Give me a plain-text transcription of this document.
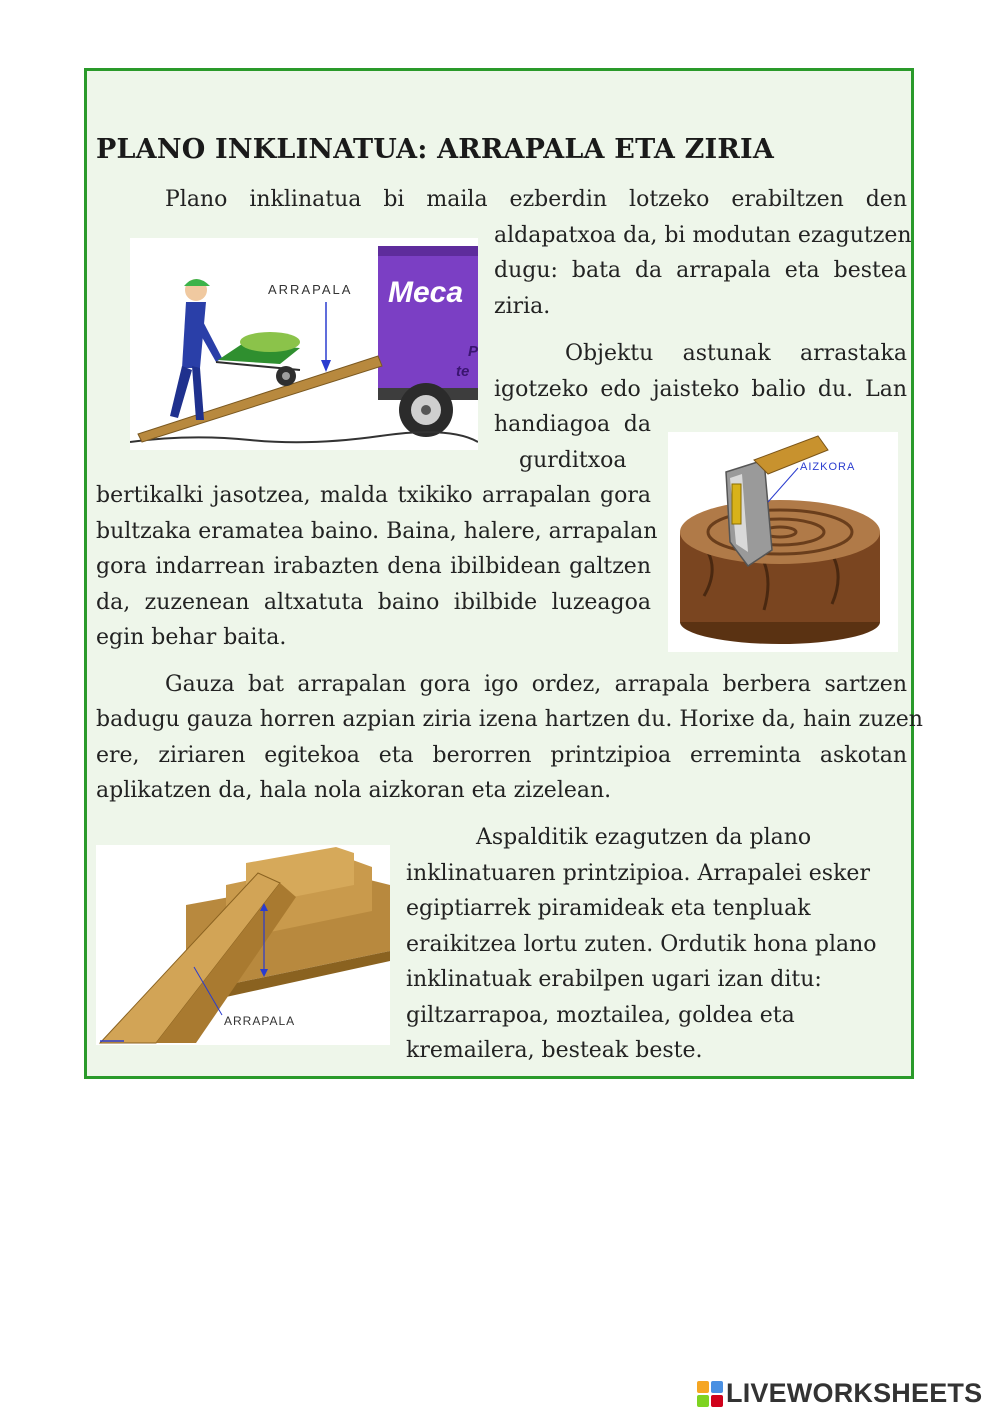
PLANO INKLINATUA: ARRAPALA ETA ZIRIA
Plano inklinatua bi maila ezberdin lotzeko erabiltzen den
aldapatxoa da, bi modutan ezagutzen
dugu: bata da arrapala eta bestea
ziria.
Objektu astunak arrastaka
igotzeko edo jaisteko balio du. Lan
handiagoa da
gurditxoa
bertikalki jasotzea, malda txikiko arrapalan gora
bultzaka eramatea baino. Baina, halere, arrapalan
gora indarrean irabazten dena ibilbidean galtzen
da, zuzenean altxatuta baino ibilbide luzeagoa
egin behar baita.
Gauza bat arrapalan gora igo ordez, arrapala berbera sartzen
badugu gauza horren azpian ziria izena hartzen du. Horixe da, hain zuzen
ere, ziriaren egitekoa eta berorren printzipioa erreminta askotan
aplikatzen da, hala nola aizkoran eta zizelean.
Aspalditik ezagutzen da plano
inklinatuaren printzipioa. Arrapalei esker
egiptiarrek piramideak eta tenpluak
eraikitzea lortu zuten. Ordutik hona plano
inklinatuak erabilpen ugari izan ditu:
giltzarrapoa, moztailea, goldea eta
kremailera, besteak beste.
Meca
P
te
ARRAPALA
AIZKORA
ARRAPALA
LIVEWORKSHEETS
